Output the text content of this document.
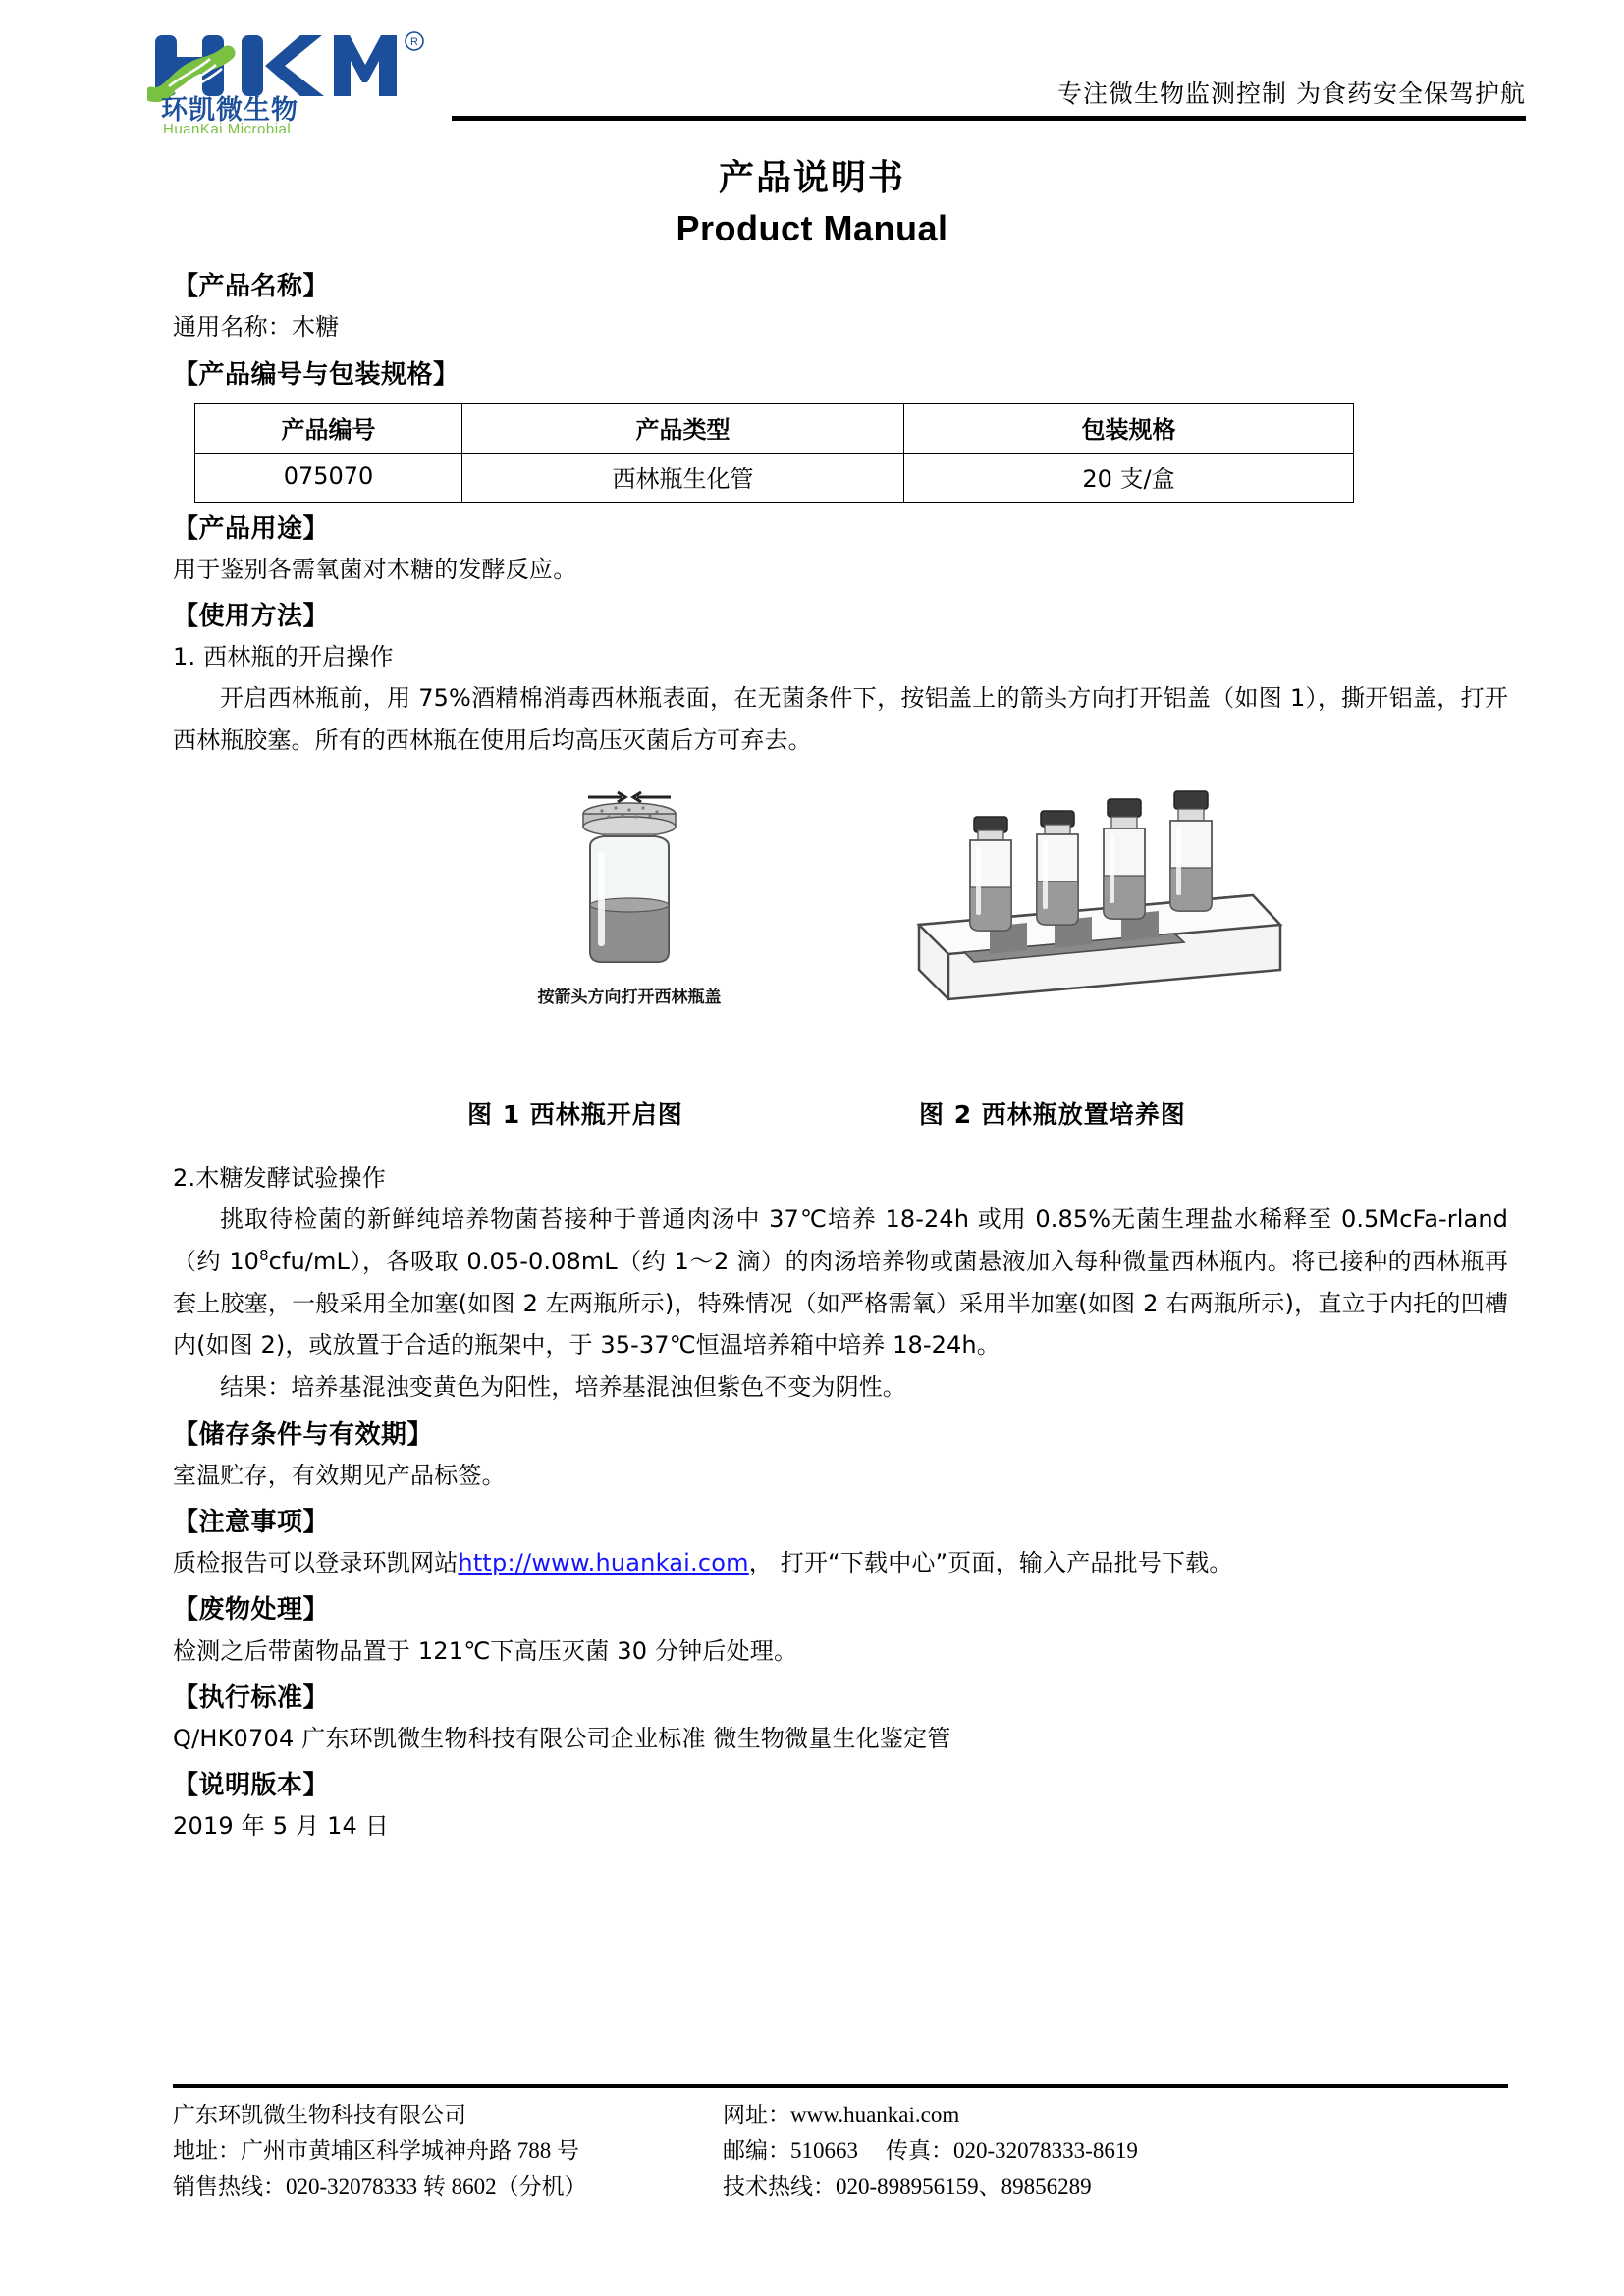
R
环凯微生物
HuanKai Microbial
专注微生物监测控制 为食药安全保驾护航
产品说明书
Product Manual
【产品名称】
通用名称：木糖
【产品编号与包装规格】
产品编号	产品类型	包装规格
075070	西林瓶生化管	20 支/盒
【产品用途】
用于鉴别各需氧菌对木糖的发酵反应。
【使用方法】
1. 西林瓶的开启操作
开启西林瓶前，用 75%酒精棉消毒西林瓶表面，在无菌条件下，按铝盖上的箭头方向打开铝盖（如图 1），撕开铝盖，打开西林瓶胶塞。所有的西林瓶在使用后均高压灭菌后方可弃去。
按箭头方向打开西林瓶盖
图 1 西林瓶开启图	图 2 西林瓶放置培养图
2.木糖发酵试验操作
挑取待检菌的新鲜纯培养物菌苔接种于普通肉汤中 37℃培养 18-24h 或用 0.85%无菌生理盐水稀释至 0.5McFa-rland（约 $10^8cfu/mL$），各吸取 0.05-0.08mL（约 1～2 滴）的肉汤培养物或菌悬液加入每种微量西林瓶内。将已接种的西林瓶再套上胶塞，一般采用全加塞(如图 2 左两瓶所示)，特殊情况（如严格需氧）采用半加塞(如图 2 右两瓶所示)，直立于内托的凹槽内(如图 2)，或放置于合适的瓶架中，于 35-37℃恒温培养箱中培养 18-24h。
结果：培养基混浊变黄色为阳性，培养基混浊但紫色不变为阴性。
【储存条件与有效期】
室温贮存，有效期见产品标签。
【注意事项】
质检报告可以登录环凯网站http://www.huankai.com， 打开“下载中心”页面，输入产品批号下载。
【废物处理】
检测之后带菌物品置于 121℃下高压灭菌 30 分钟后处理。
【执行标准】
Q/HK0704 广东环凯微生物科技有限公司企业标准 微生物微量生化鉴定管
【说明版本】
2019 年 5 月 14 日
广东环凯微生物科技有限公司
地址：广州市黄埔区科学城神舟路 788 号
销售热线：020-32078333 转 8602（分机）
网址：www.huankai.com
邮编：510663 传真：020-32078333-8619
技术热线：020-898956159、89856289
